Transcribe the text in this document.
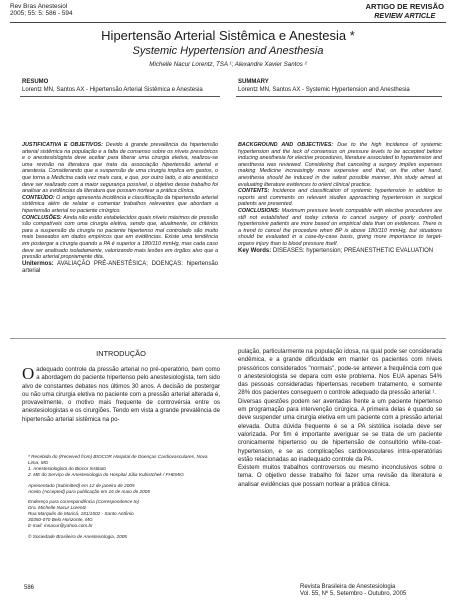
Rev Bras Anestesiol
2005; 55: 5: 586 - 594
ARTIGO DE REVISÃO
REVIEW ARTICLE
Hipertensão Arterial Sistêmica e Anestesia *
Systemic Hypertension and Anesthesia
Michelle Nacur Lorentz, TSA ¹; Alexandre Xavier Santos ²
RESUMO
Lorentz MN, Santos AX - Hipertensão Arterial Sistêmica e Anestesia

JUSTIFICATIVA E OBJETIVOS: Devido à grande prevalência da hipertensão arterial sistêmica na população e a falta de consenso sobre os níveis pressóricos e o anestesiologista deve aceitar para liberar uma cirurgia eletiva, realizou-se uma revisão na literatura que trata da associação hipertensão arterial e anestesia. Considerando que a suspensão de uma cirurgia implica em gastos, o que torna a Medicina cada vez mais cara, e que, por outro lado, o ato anestésico deve ser realizado com a maior segurança possível, o objetivo desse trabalho foi analisar as evidências da literatura que possam nortear a prática clínica.

CONTEÚDO: O artigo apresenta incidência e classificação da hipertensão arterial sistêmica além de relatar e comentar trabalhos relevantes que abordam a hipertensão arterial no paciente cirúrgico.

CONCLUSÕES: Ainda não estão estabelecidos quais níveis máximos de pressão são compatíveis com uma cirurgia eletiva, sendo que, atualmente, os critérios para a suspensão da cirurgia no paciente hipertenso mal controlado são muito mais baseados em dados empíricos que em evidências. Existe uma tendência em postergar a cirurgia quando a PA é superior a 180/110 mmHg, mas cada caso deve ser analisado isoladamente, valorizando mais lesões em órgãos alvo que a pressão arterial propriamente dita.

Unitermos: AVALIAÇÃO PRÉ-ANESTÉSICA; DOENÇAS: hipertensão arterial

SUMMARY
Lorentz MN, Santos AX - Systemic Hypertension and Anesthesia

BACKGROUND AND OBJECTIVES: Due to the high incidence of systemic hypertension and the lack of consensus on pressure levels to be accepted before inducing anesthesia for elective procedures, literature associated to hypertension and anesthesia was reviewed. Considering that canceling a surgery implies expenses making Medicine increasingly more expensive and that, on the other hand, anesthesia should be induced in the safest possible manner, this study aimed at evaluating literature evidences to orient clinical practice.

CONTENTS: Incidence and classification of systemic hypertension in addition to reports and comments on relevant studies approaching hypertension in surgical patients are presented.

CONCLUSIONS: Maximum pressure levels compatible with elective procedures are still not established and today criteria to cancel surgery of poorly controlled hypertensive patients are more based on empirical data than on evidences. There is a trend to cancel the procedure when BP is above 180/110 mmHg, but situations should be evaluated in a case-by-case basis, giving more importance to target-organs injury than to blood pressure itself.

Key Words: DISEASES: hypertension; PREANESTHETIC EVALUATION

INTRODUÇÃO
Oadequado controle da pressão arterial no pré-operatório, bem como a abordagem do paciente hipertenso pelo anestesiologista, tem sido alvo de constantes debates nos últimos 30 anos. A decisão de postergar ou não uma cirurgia eletiva no paciente com a pressão arterial alterada é, provavelmente, o motivo mais frequente de controvérsia entre os anestesiologistas e os cirurgiões. Tendo em vista a grande prevalência de hipertensão arterial sistêmica na po-
* Recebido do (Received from) BIOCOR Hospital de Doenças Cardiovasculares, Nova Lima, MG
1. Anestesiologista do Biocor Instituto
2. ME do Serviço de Anestesiologia do Hospital Júlia Kubistchek / FHEMIG
Apresentado (Submitted) em 12 de janeiro de 2005
Aceito (Accepted) para publicação em 16 de maio de 2005
Endereço para correspondência (Correspondence to)
Dra. Michelle Nacur Lorentz
Rua Marquês de Maricá, 181/1502 - Santo Antônio
30350-070 Belo Horizonte, MG
E-mail: mnacur@yahoo.com.br
© Sociedade Brasileira de Anestesiologia, 2005

pulação, particularmente na população idosa, na qual pode ser considerada endêmica, e a grande dificuldade em manter os pacientes com níveis pressóricos considerados "normais", pode-se antever a frequência com que o anestesiologista se depara com este problema. Nos EUA apenas 54% das pessoas consideradas hipertensas recebem tratamento, e somente 28% dos pacientes conseguem o controle adequado da pressão arterial ¹.

Diversas questões podem ser aventadas frente a um paciente hipertenso em programação para intervenção cirúrgica. A primeira delas é quando se deve suspender uma cirurgia eletiva em um paciente com a pressão arterial elevada. Outra dúvida frequente é se a PA sistólica isolada deve ser valorizada. Por fim é importante averiguar se se trata de um paciente cronicamente hipertenso ou de hipertensão de consultório white-coat-hypertension, e se as complicações cardiovasculares intra-operatórias estão relacionadas ao inadequado controle da PA.

Existem muitos trabalhos controversos ou mesmo inconclusivos sobre o tema. O objetivo desse trabalho foi fazer uma revisão da literatura e analisar evidências que possam nortear a prática clínica.

586	Revista Brasileira de Anestesiologia
Vol. 55, Nº 5, Setembro - Outubro, 2005
